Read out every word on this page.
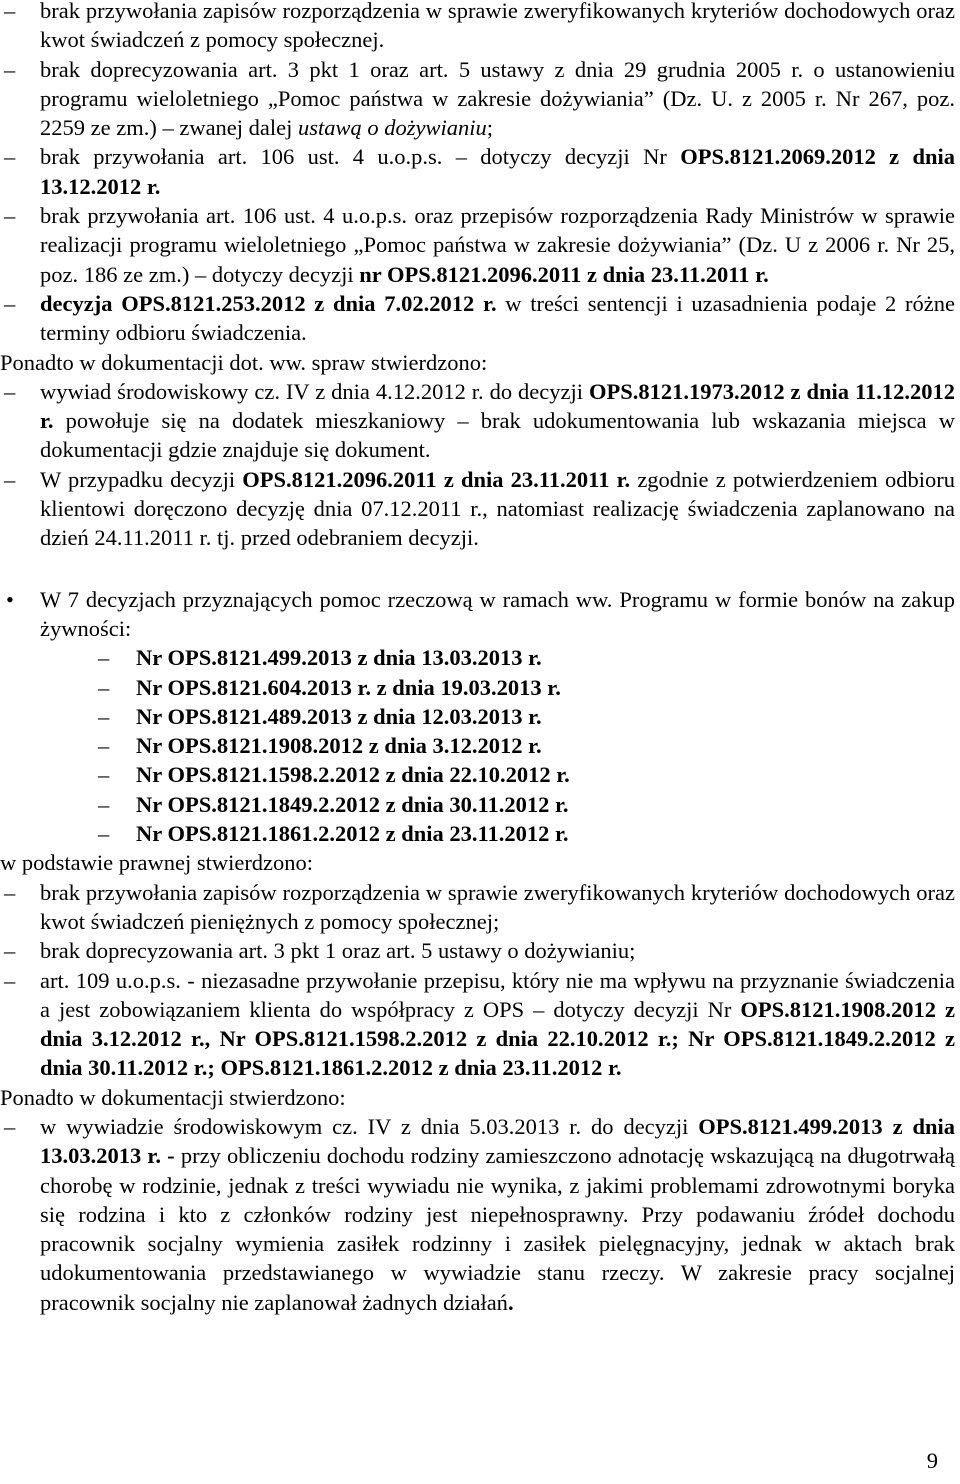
– brak przywołania zapisów rozporządzenia w sprawie zweryfikowanych kryteriów dochodowych oraz kwot świadczeń z pomocy społecznej.
– brak doprecyzowania art. 3 pkt 1 oraz art. 5 ustawy z dnia 29 grudnia 2005 r. o ustanowieniu programu wieloletniego „Pomoc państwa w zakresie dożywiania” (Dz. U. z 2005 r. Nr 267, poz. 2259 ze zm.) – zwanej dalej ustawą o dożywianiu;
– brak przywołania art. 106 ust. 4 u.o.p.s. – dotyczy decyzji Nr OPS.8121.2069.2012 z dnia 13.12.2012 r.
– brak przywołania art. 106 ust. 4 u.o.p.s. oraz przepisów rozporządzenia Rady Ministrów w sprawie realizacji programu wieloletniego „Pomoc państwa w zakresie dożywiania” (Dz. U z 2006 r. Nr 25, poz. 186 ze zm.) – dotyczy decyzji nr OPS.8121.2096.2011 z dnia 23.11.2011 r.
– decyzja OPS.8121.253.2012 z dnia 7.02.2012 r. w treści sentencji i uzasadnienia podaje 2 różne terminy odbioru świadczenia.
Ponadto w dokumentacji dot. ww. spraw stwierdzono:
– wywiad środowiskowy cz. IV z dnia 4.12.2012 r. do decyzji OPS.8121.1973.2012 z dnia 11.12.2012 r. powołuje się na dodatek mieszkaniowy – brak udokumentowania lub wskazania miejsca w dokumentacji gdzie znajduje się dokument.
– W przypadku decyzji OPS.8121.2096.2011 z dnia 23.11.2011 r. zgodnie z potwierdzeniem odbioru klientowi doręczono decyzję dnia 07.12.2011 r., natomiast realizację świadczenia zaplanowano na dzień 24.11.2011 r. tj. przed odebraniem decyzji.
• W 7 decyzjach przyznających pomoc rzeczową w ramach ww. Programu w formie bonów na zakup żywności:
– Nr OPS.8121.499.2013 z dnia 13.03.2013 r.
– Nr OPS.8121.604.2013 r. z dnia 19.03.2013 r.
– Nr OPS.8121.489.2013 z dnia 12.03.2013 r.
– Nr OPS.8121.1908.2012 z dnia 3.12.2012 r.
– Nr OPS.8121.1598.2.2012 z dnia 22.10.2012 r.
– Nr OPS.8121.1849.2.2012 z dnia 30.11.2012 r.
– Nr OPS.8121.1861.2.2012 z dnia 23.11.2012 r.
w podstawie prawnej stwierdzono:
– brak przywołania zapisów rozporządzenia w sprawie zweryfikowanych kryteriów dochodowych oraz kwot świadczeń pieniężnych z pomocy społecznej;
– brak doprecyzowania art. 3 pkt 1 oraz art. 5 ustawy o dożywianiu;
– art. 109 u.o.p.s. - niezasadne przywołanie przepisu, który nie ma wpływu na przyznanie świadczenia a jest zobowiązaniem klienta do współpracy z OPS – dotyczy decyzji Nr OPS.8121.1908.2012 z dnia 3.12.2012 r., Nr OPS.8121.1598.2.2012 z dnia 22.10.2012 r.; Nr OPS.8121.1849.2.2012 z dnia 30.11.2012 r.; OPS.8121.1861.2.2012 z dnia 23.11.2012 r.
Ponadto w dokumentacji stwierdzono:
– w wywiadzie środowiskowym cz. IV z dnia 5.03.2013 r. do decyzji OPS.8121.499.2013 z dnia 13.03.2013 r. - przy obliczeniu dochodu rodziny zamieszczono adnotację wskazującą na długotrwałą chorobę w rodzinie, jednak z treści wywiadu nie wynika, z jakimi problemami zdrowotnymi boryka się rodzina i kto z członków rodziny jest niepełnosprawny. Przy podawaniu źródeł dochodu pracownik socjalny wymienia zasiłek rodzinny i zasiłek pielęgnacyjny, jednak w aktach brak udokumentowania przedstawianego w wywiadzie stanu rzeczy. W zakresie pracy socjalnej pracownik socjalny nie zaplanował żadnych działań.
9
